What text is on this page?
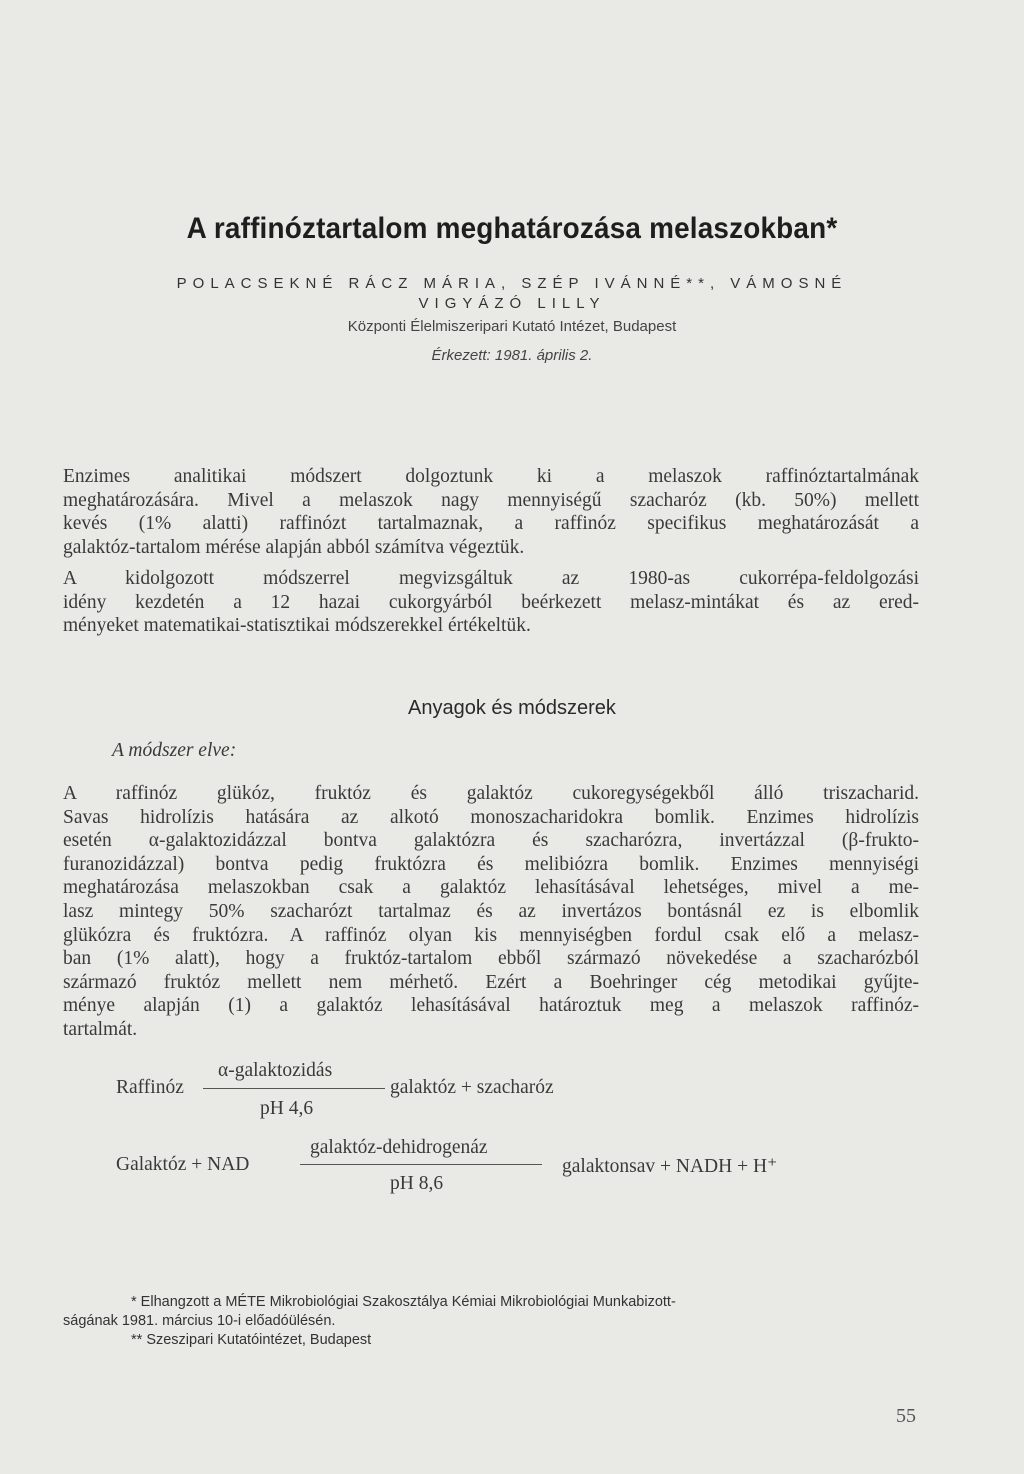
A raffinóztartalom meghatározása melaszokban*
POLACSEKNÉ RÁCZ MÁRIA, SZÉP IVÁNNÉ**, VÁMOSNÉ
VIGYÁZÓ LILLY
Központi Élelmiszeripari Kutató Intézet, Budapest
Érkezett: 1981. április 2.
Enzimes analitikai módszert dolgoztunk ki a melaszok raffinóztartalmának
meghatározására. Mivel a melaszok nagy mennyiségű szacharóz (kb. 50%) mellett
kevés (1% alatti) raffinózt tartalmaznak, a raffinóz specifikus meghatározását a
galaktóz-tartalom mérése alapján abból számítva végeztük.
A kidolgozott módszerrel megvizsgáltuk az 1980-as cukorrépa-feldolgozási
idény kezdetén a 12 hazai cukorgyárból beérkezett melasz-mintákat és az ered-
ményeket matematikai-statisztikai módszerekkel értékeltük.
Anyagok és módszerek
A módszer elve:
A raffinóz glükóz, fruktóz és galaktóz cukoregységekből álló triszacharid.
Savas hidrolízis hatására az alkotó monoszacharidokra bomlik. Enzimes hidrolízis
esetén α-galaktozidázzal bontva galaktózra és szacharózra, invertázzal (β-frukto-
furanozidázzal) bontva pedig fruktózra és melibiózra bomlik. Enzimes mennyiségi
meghatározása melaszokban csak a galaktóz lehasításával lehetséges, mivel a me-
lasz mintegy 50% szacharózt tartalmaz és az invertázos bontásnál ez is elbomlik
glükózra és fruktózra. A raffinóz olyan kis mennyiségben fordul csak elő a melasz-
ban (1% alatt), hogy a fruktóz-tartalom ebből származó növekedése a szacharózból
származó fruktóz mellett nem mérhető. Ezért a Boehringer cég metodikai gyűjte-
ménye alapján (1) a galaktóz lehasításával határoztuk meg a melaszok raffinóz-
tartalmát.
α-galaktozidás
Raffinóz	galaktóz + szacharóz
pH 4,6
galaktóz-dehidrogenáz
Galaktóz + NAD	galaktonsav + NADH + H⁺
pH 8,6
* Elhangzott a MÉTE Mikrobiológiai Szakosztálya Kémiai Mikrobiológiai Munkabizott-
ságának 1981. március 10-i előadóülésén.
** Szeszipari Kutatóintézet, Budapest
55
